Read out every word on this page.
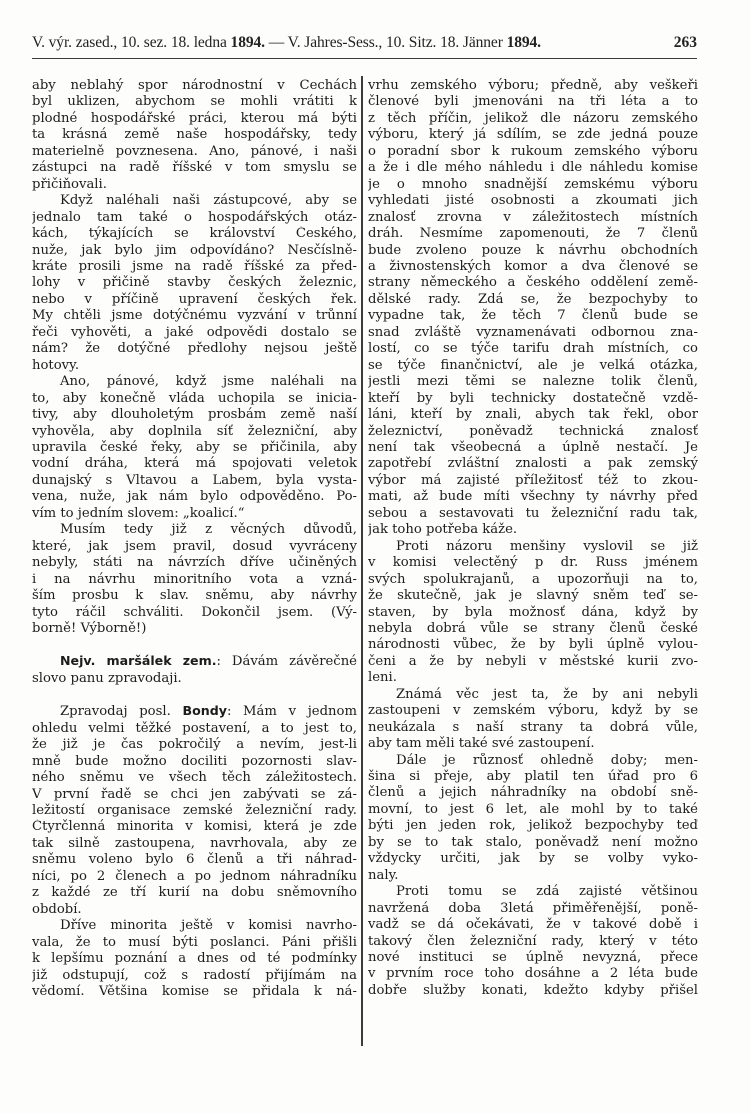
V. výr. zased., 10. sez. 18. ledna 1894. — V. Jahres-Sess., 10. Sitz. 18. Jänner 1894.	263
aby neblahý spor národnostní v Cechách
byl uklizen, abychom se mohli vrátiti k
plodné hospodářské práci, kterou má býti
ta krásná země naše hospodářsky, tedy
materielně povznesena. Ano, pánové, i naši
zástupci na radě říšské v tom smyslu se
přičiňovali.
Když naléhali naši zástupcové, aby se
jednalo tam také o hospodářských otáz-
kách, týkajících se království Českého,
nuže, jak bylo jim odpovídáno? Nesčíslně-
kráte prosili jsme na radě říšské za před-
lohy v přičině stavby českých železnic,
nebo v příčině upravení českých řek.
My chtěli jsme dotýčnému vyzvání v trůnní
řeči vyhověti, a jaké odpovědi dostalo se
nám? že dotýčné předlohy nejsou ještě
hotovy.
Ano, pánové, když jsme naléhali na
to, aby konečně vláda uchopila se inicia-
tivy, aby dlouholetým prosbám země naší
vyhověla, aby doplnila síť železniční, aby
upravila české řeky, aby se přičinila, aby
vodní dráha, která má spojovati veletok
dunajský s Vltavou a Labem, byla vysta-
vena, nuže, jak nám bylo odpověděno. Po-
vím to jedním slovem: „koalicí.“
Musím tedy již z věcných důvodů,
které, jak jsem pravil, dosud vyvráceny
nebyly, státi na návrzích dříve učiněných
i na návrhu minoritního vota a vzná-
ším prosbu k slav. sněmu, aby návrhy
tyto ráčil schváliti. Dokončil jsem. (Vý-
borně! Výborně!)
Nejv. maršálek zem.: Dávám závěrečné
slovo panu zpravodaji.
Zpravodaj posl. Bondy: Mám v jednom
ohledu velmi těžké postavení, a to jest to,
že již je čas pokročilý a nevím, jest-li
mně bude možno dociliti pozornosti slav-
ného sněmu ve všech těch záležitostech.
V první řadě se chci jen zabývati se zá-
ležitostí organisace zemské železniční rady.
Čtyrčlenná minorita v komisi, která je zde
tak silně zastoupena, navrhovala, aby ze
sněmu voleno bylo 6 členů a tři náhrad-
níci, po 2 členech a po jednom náhradníku
z každé ze tří kurií na dobu sněmovního
období.
Dříve minorita ještě v komisi navrho-
vala, že to musí býti poslanci. Páni přišli
k lepšímu poznání a dnes od té podmínky
již odstupují, což s radostí přijímám na
vědomí. Většina komise se přidala k ná-
vrhu zemského výboru; předně, aby veškeři
členové byli jmenováni na tři léta a to
z těch příčin, jelikož dle názoru zemského
výboru, který já sdílím, se zde jedná pouze
o poradní sbor k rukoum zemského výboru
a že i dle mého náhledu i dle náhledu komise
je o mnoho snadnější zemskému výboru
vyhledati jisté osobnosti a zkoumati jich
znalosť zrovna v záležitostech místních
dráh. Nesmíme zapomenouti, že 7 členů
bude zvoleno pouze k návrhu obchodních
a živnostenských komor a dva členové se
strany německého a českého oddělení země-
dělské rady. Zdá se, že bezpochyby to
vypadne tak, že těch 7 členů bude se
snad zvláště vyznamenávati odbornou zna-
lostí, co se týče tarifu drah místních, co
se týče finančnictví, ale je velká otázka,
jestli mezi těmi se nalezne tolik členů,
kteří by byli technicky dostatečně vzdě-
láni, kteří by znali, abych tak řekl, obor
železnictví, poněvadž technická znalosť
není tak všeobecná a úplně nestačí. Je
zapotřebí zvláštní znalosti a pak zemský
výbor má zajisté příležitosť též to zkou-
mati, až bude míti všechny ty návrhy před
sebou a sestavovati tu železniční radu tak,
jak toho potřeba káže.
Proti názoru menšiny vyslovil se již
v komisi velectěný p dr. Russ jménem
svých spolukrajanů, a upozorňuji na to,
že skutečně, jak je slavný sněm teď se-
staven, by byla možnosť dána, když by
nebyla dobrá vůle se strany členů české
národnosti vůbec, že by byli úplně vylou-
čeni a že by nebyli v městské kurii zvo-
leni.
Známá věc jest ta, že by ani nebyli
zastoupeni v zemském výboru, když by se
neukázala s naší strany ta dobrá vůle,
aby tam měli také své zastoupení.
Dále je různosť ohledně doby; men-
šina si přeje, aby platil ten úřad pro 6
členů a jejich náhradníky na období sně-
movní, to jest 6 let, ale mohl by to také
býti jen jeden rok, jelikož bezpochyby teď
by se to tak stalo, poněvadž není možno
vždycky určiti, jak by se volby vyko-
naly.
Proti tomu se zdá zajisté většinou
navržená doba 3letá přiměřenější, poně-
vadž se dá očekávati, že v takové době i
takový člen železniční rady, který v této
nové instituci se úplně nevyzná, přece
v prvním roce toho dosáhne a 2 léta bude
dobře služby konati, kdežto kdyby přišel
